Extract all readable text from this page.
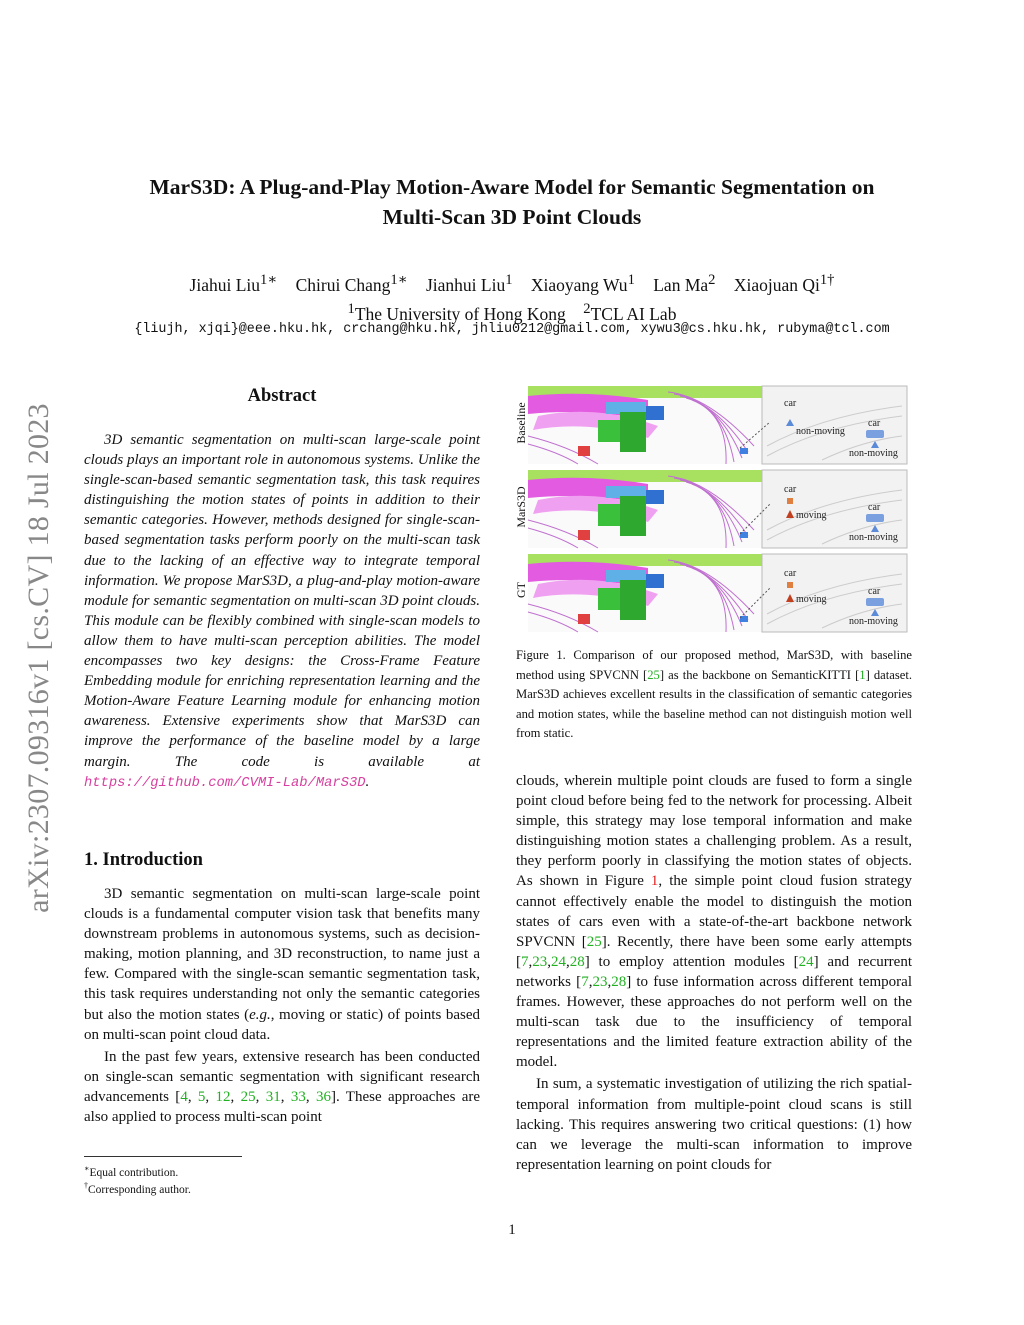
MarS3D: A Plug-and-Play Motion-Aware Model for Semantic Segmentation on
Multi-Scan 3D Point Clouds
Jiahui Liu$^{1∗}$ Chirui Chang$^{1∗}$ Jianhui Liu$^1$ Xiaoyang Wu$^1$ Lan Ma$^2$ Xiaojuan $Qi^{1\dagger}$
$^1$The University of Hong Kong $^2$TCL AI Lab
{liujh, xjqi}@eee.hku.hk, crchang@hku.hk, jhliu0212@gmail.com, xywu3@cs.hku.hk, rubyma@tcl.com
arXiv:2307.09316v1 [cs.CV] 18 Jul 2023
Abstract
3D semantic segmentation on multi-scan large-scale point clouds plays an important role in autonomous systems. Unlike the single-scan-based semantic segmentation task, this task requires distinguishing the motion states of points in addition to their semantic categories. However, methods designed for single-scan-based segmentation tasks perform poorly on the multi-scan task due to the lacking of an effective way to integrate temporal information. We propose MarS3D, a plug-and-play motion-aware module for semantic segmentation on multi-scan 3D point clouds. This module can be flexibly combined with single-scan models to allow them to have multi-scan perception abilities. The model encompasses two key designs: the Cross-Frame Feature Embedding module for enriching representation learning and the Motion-Aware Feature Learning module for enhancing motion awareness. Extensive experiments show that MarS3D can improve the performance of the baseline model by a large margin. The code is available at https://github.com/CVMI-Lab/MarS3D.
1. Introduction

3D semantic segmentation on multi-scan large-scale point clouds is a fundamental computer vision task that benefits many downstream problems in autonomous systems, such as decision-making, motion planning, and 3D reconstruction, to name just a few. Compared with the single-scan semantic segmentation task, this task requires understanding not only the semantic categories but also the motion states (e.g., moving or static) of points based on multi-scan point cloud data.

In the past few years, extensive research has been conducted on single-scan semantic segmentation with significant research advancements [4, 5, 12, 25, 31, 33, 36]. These approaches are also applied to process multi-scan point

∗Equal contribution.
†Corresponding author.
Baseline
MarS3D
GT
car
non-moving
car
non-moving
car
moving
car
non-moving
car
moving
car
non-moving
Figure 1. Comparison of our proposed method, MarS3D, with baseline method using SPVCNN [25] as the backbone on SemanticKITTI [1] dataset. MarS3D achieves excellent results in the classification of semantic categories and motion states, while the baseline method can not distinguish motion well from static.

clouds, wherein multiple point clouds are fused to form a single point cloud before being fed to the network for processing. Albeit simple, this strategy may lose temporal information and make distinguishing motion states a challenging problem. As a result, they perform poorly in classifying the motion states of objects. As shown in Figure 1, the simple point cloud fusion strategy cannot effectively enable the model to distinguish the motion states of cars even with a state-of-the-art backbone network SPVCNN [25]. Recently, there have been some early attempts [7,23,24,28] to employ attention modules [24] and recurrent networks [7,23,28] to fuse information across different temporal frames. However, these approaches do not perform well on the multi-scan task due to the insufficiency of temporal representations and the limited feature extraction ability of the model.

In sum, a systematic investigation of utilizing the rich spatial-temporal information from multiple-point cloud scans is still lacking. This requires answering two critical questions: (1) how can we leverage the multi-scan information to improve representation learning on point clouds for

1
